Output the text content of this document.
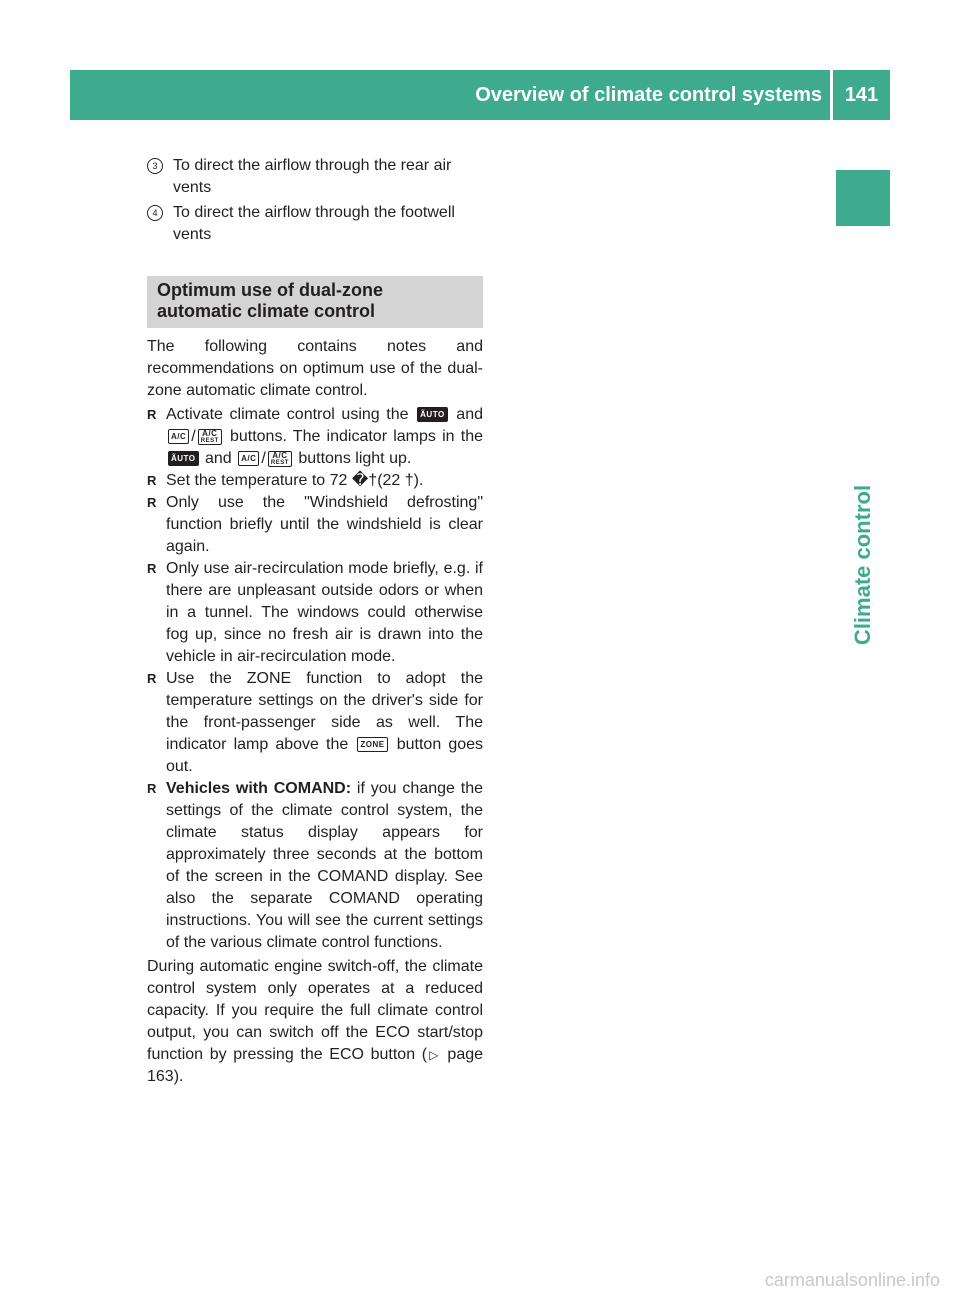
Overview of climate control systems	141
Climate control
3 To direct the airflow through the rear air vents
4 To direct the airflow through the footwell vents
Optimum use of dual-zone automatic climate control

The following contains notes and recommendations on optimum use of the dual-zone automatic climate control.

R Activate climate control using the ÃUTO and A/C / A/C
REST buttons. The indicator lamps in the ÃUTO and A/C / A/C
REST buttons light up.
R Set the temperature to 72 �†(22 †).
R Only use the "Windshield defrosting" function briefly until the windshield is clear again.
R Only use air-recirculation mode briefly, e.g. if there are unpleasant outside odors or when in a tunnel. The windows could otherwise fog up, since no fresh air is drawn into the vehicle in air-recirculation mode.
R Use the ZONE function to adopt the temperature settings on the driver's side for the front-passenger side as well. The indicator lamp above the ZONE button goes out.
R Vehicles with COMAND: if you change the settings of the climate control system, the climate status display appears for approximately three seconds at the bottom of the screen in the COMAND display. See also the separate COMAND operating instructions. You will see the current settings of the various climate control functions.

During automatic engine switch-off, the climate control system only operates at a reduced capacity. If you require the full climate control output, you can switch off the ECO start/stop function by pressing the ECO button (▷ page 163).

carmanualsonline.info
